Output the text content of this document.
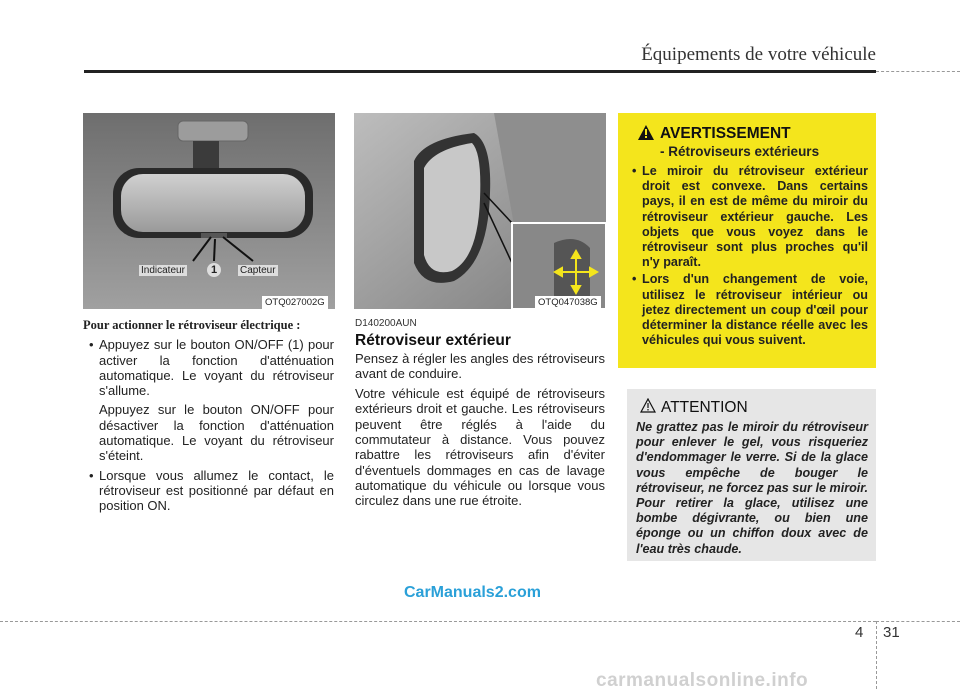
Équipements de votre véhicule
Indicateur	1	Capteur
OTQ027002G	OTQ047038G

Pour actionner le rétroviseur électrique :

• Appuyez sur le bouton ON/OFF (1) pour activer la fonction d'atténuation automatique. Le voyant du rétroviseur s'allume.

Appuyez sur le bouton ON/OFF pour désactiver la fonction d'atténuation automatique. Le voyant du rétroviseur s'éteint.

• Lorsque vous allumez le contact, le rétroviseur est positionné par défaut en position ON.

D140200AUN

Rétroviseur extérieur

Pensez à régler les angles des rétroviseurs avant de conduire.

Votre véhicule est équipé de rétroviseurs extérieurs droit et gauche. Les rétroviseurs peuvent être réglés à l'aide du commutateur à distance. Vous pouvez rabattre les rétroviseurs afin d'éviter d'éventuels dommages en cas de lavage automatique du véhicule ou lorsque vous circulez dans une rue étroite.

AVERTISSEMENT
- Rétroviseurs extérieurs

• Le miroir du rétroviseur extérieur droit est convexe. Dans certains pays, il en est de même du miroir du rétroviseur extérieur gauche. Les objets que vous voyez dans le rétroviseur sont plus proches qu'il n'y paraît.

• Lors d'un changement de voie, utilisez le rétroviseur intérieur ou jetez directement un coup d'œil pour déterminer la distance réelle avec les véhicules qui vous suivent.

ATTENTION
Ne grattez pas le miroir du rétroviseur pour enlever le gel, vous risqueriez d'endommager le verre. Si de la glace vous empêche de bouger le rétroviseur, ne forcez pas sur le miroir. Pour retirer la glace, utilisez une bombe dégivrante, ou bien une éponge ou un chiffon doux avec de l'eau très chaude.
CarManuals2.com
4 31
carmanualsonline.info
